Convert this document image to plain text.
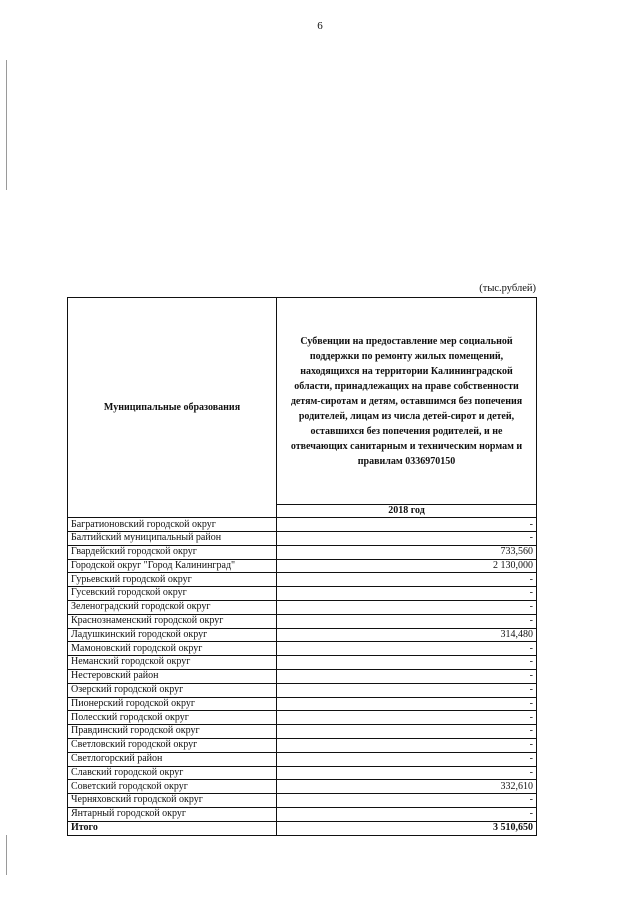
6
(тыс.рублей)
Муниципальные образования	Субвенции на предоставление мер социальной поддержки по ремонту жилых помещений, находящихся на территории Калининградской области, принадлежащих на праве собственности детям-сиротам и детям, оставшимся без попечения родителей, лицам из числа детей-сирот и детей, оставшихся без попечения родителей, и не отвечающих санитарным и техническим нормам и правилам 0336970150
	2018 год
Багратионовский городской округ	-
Балтийский муниципальный район	-
Гвардейский городской округ	733,560
Городской округ "Город Калининград"	2 130,000
Гурьевский городской округ	-
Гусевский городской округ	-
Зеленоградский городской округ	-
Краснознаменский городской округ	-
Ладушкинский городской округ	314,480
Мамоновский городской округ	-
Неманский городской округ	-
Нестеровский район	-
Озерский городской округ	-
Пионерский городской округ	-
Полесский городской округ	-
Правдинский городской округ	-
Светловский городской округ	-
Светлогорский район	-
Славский городской округ	-
Советский городской округ	332,610
Черняховский городской округ	-
Янтарный городской округ	-
Итого	3 510,650
